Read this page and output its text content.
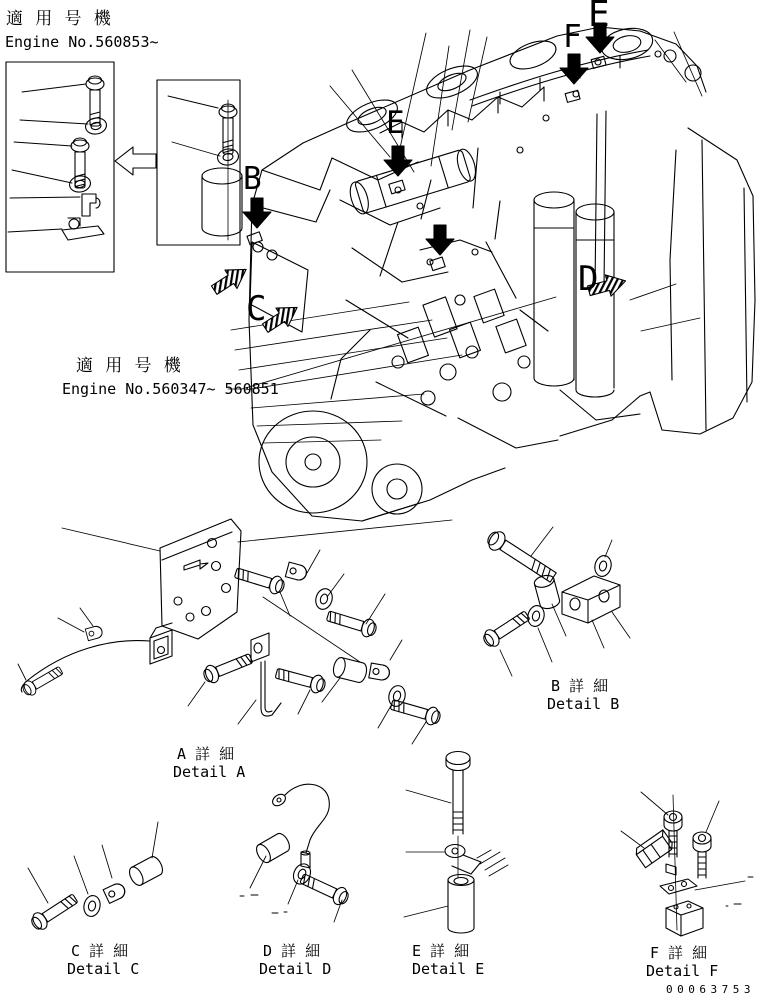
適 用 号 機
Engine No.560853~
適 用 号 機
Engine No.560347~ 560851
E
F
E
B
C
D
A 詳 細
Detail A
B 詳 細
Detail B
C 詳 細
Detail C
D 詳 細
Detail D
E 詳 細
Detail E
F 詳 細
Detail F
00063753
